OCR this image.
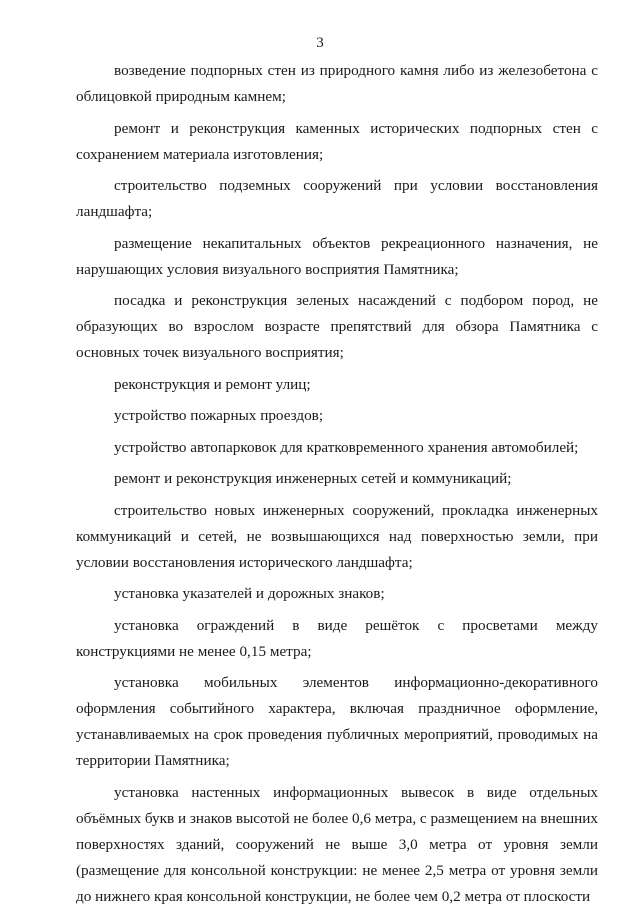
3

возведение подпорных стен из природного камня либо из железобетона с облицовкой природным камнем;

ремонт и реконструкция каменных исторических подпорных стен с сохранением материала изготовления;

строительство подземных сооружений при условии восстановления ландшафта;

размещение некапитальных объектов рекреационного назначения, не нарушающих условия визуального восприятия Памятника;

посадка и реконструкция зеленых насаждений с подбором пород, не образующих во взрослом возрасте препятствий для обзора Памятника с основных точек визуального восприятия;

реконструкция и ремонт улиц;

устройство пожарных проездов;

устройство автопарковок для кратковременного хранения автомобилей;

ремонт и реконструкция инженерных сетей и коммуникаций;

строительство новых инженерных сооружений, прокладка инженерных коммуникаций и сетей, не возвышающихся над поверхностью земли, при условии восстановления исторического ландшафта;

установка указателей и дорожных знаков;

установка ограждений в виде решёток с просветами между конструкциями не менее 0,15 метра;

установка мобильных элементов информационно-декоративного оформления событийного характера, включая праздничное оформление, устанавливаемых на срок проведения публичных мероприятий, проводимых на территории Памятника;

установка настенных информационных вывесок в виде отдельных объёмных букв и знаков высотой не более 0,6 метра, с размещением на внешних поверхностях зданий, сооружений не выше 3,0 метра от уровня земли (размещение для консольной конструкции: не менее 2,5 метра от уровня земли до нижнего края консольной конструкции, не более чем 0,2 метра от плоскости
